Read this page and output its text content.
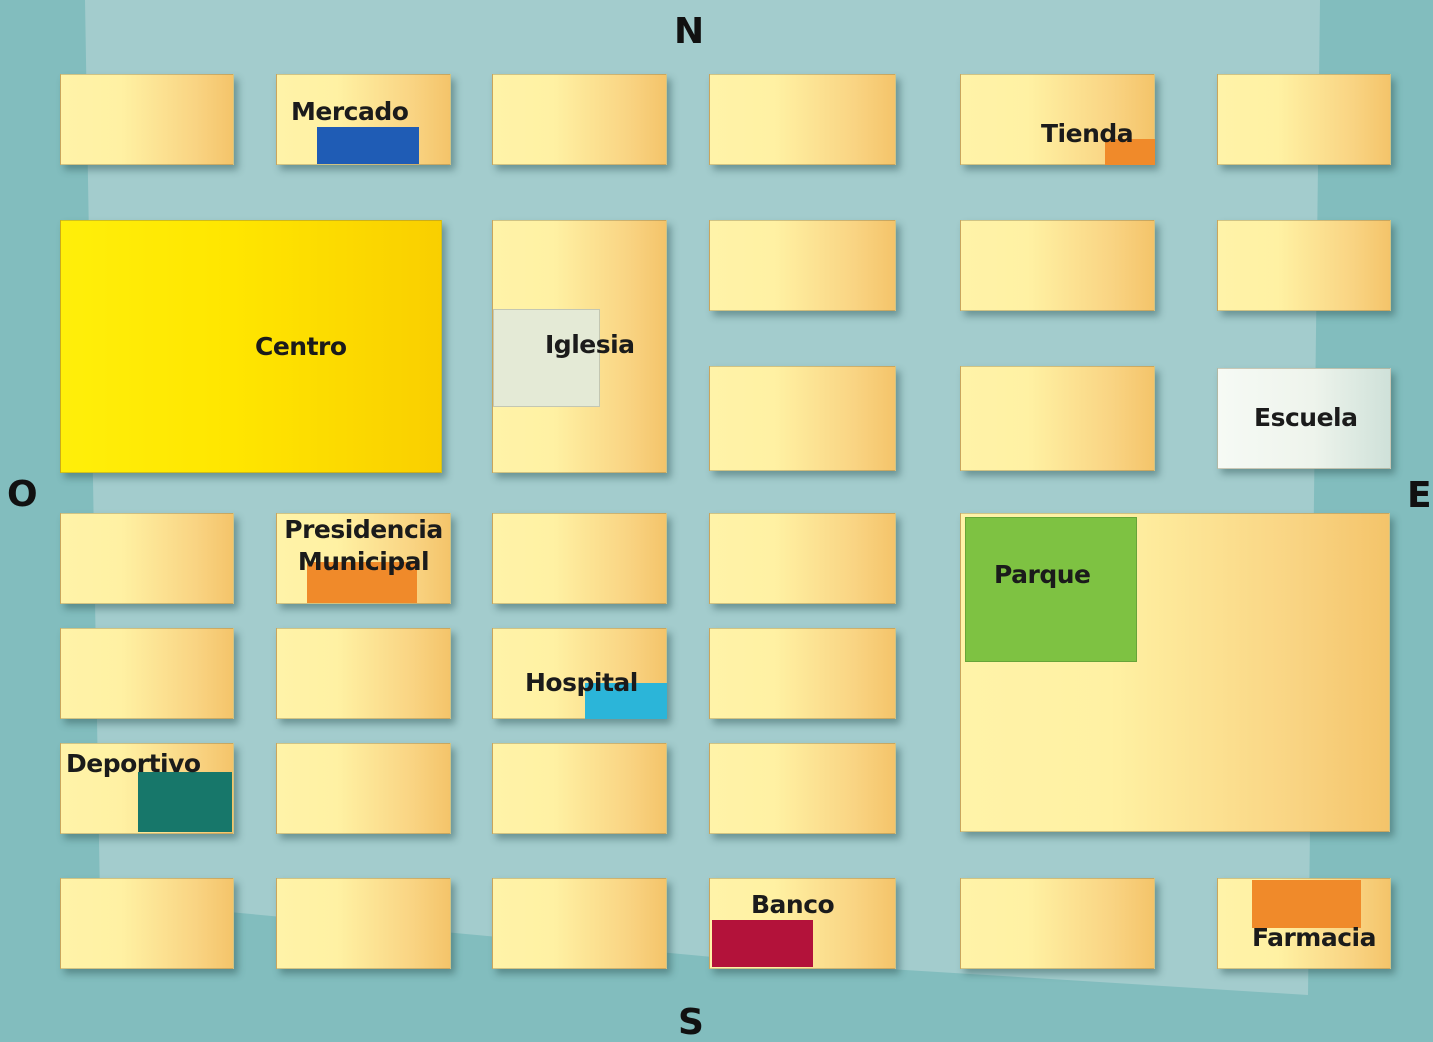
Mercado
Tienda
Centro	Iglesia
Escuela
Presidencia
Municipal	Parque
Hospital
Deportivo
Banco
Farmacia
N
S
O	E
